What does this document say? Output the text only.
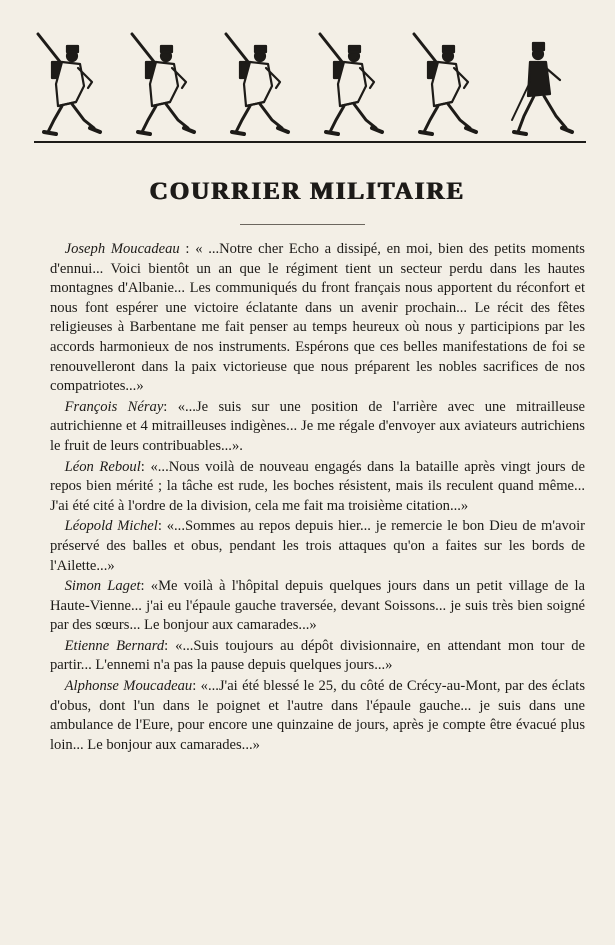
COURRIER MILITAIRE

 Joseph Moucadeau : « ...Notre cher Echo a dissipé, en moi, bien des petits moments d'ennui... Voici bientôt un an que le régiment tient un secteur perdu dans les hautes montagnes d'Albanie... Les communiqués du front français nous apportent du réconfort et nous font espérer une victoire éclatante dans un avenir prochain... Le récit des fêtes religieuses à Barbentane me fait penser au temps heureux où nous y participions par les accords harmonieux de nos instruments. Espérons que ces belles manifestations de foi se renouvelleront dans la paix victorieuse que nous préparent les nobles sacrifices de nos compatriotes...»

 François Néray: «...Je suis sur une position de l'arrière avec une mitrailleuse autrichienne et 4 mitrailleuses indigènes... Je me régale d'envoyer aux aviateurs autrichiens le fruit de leurs contribuables...».

 Léon Reboul: «...Nous voilà de nouveau engagés dans la bataille après vingt jours de repos bien mérité ; la tâche est rude, les boches résistent, mais ils reculent quand même... J'ai été cité à l'ordre de la division, cela me fait ma troisième citation...»

 Léopold Michel: «...Sommes au repos depuis hier... je remercie le bon Dieu de m'avoir préservé des balles et obus, pendant les trois attaques qu'on a faites sur les bords de l'Ailette...»

 Simon Laget: «Me voilà à l'hôpital depuis quelques jours dans un petit village de la Haute-Vienne... j'ai eu l'épaule gauche traversée, devant Soissons... je suis très bien soigné par des sœurs... Le bonjour aux camarades...»

 Etienne Bernard: «...Suis toujours au dépôt divisionnaire, en attendant mon tour de partir... L'ennemi n'a pas la pause depuis quelques jours...»

 Alphonse Moucadeau: «...J'ai été blessé le 25, du côté de Crécy-au-Mont, par des éclats d'obus, dont l'un dans le poignet et l'autre dans l'épaule gauche... je suis dans une ambulance de l'Eure, pour encore une quinzaine de jours, après je compte être évacué plus loin... Le bonjour aux camarades...»
